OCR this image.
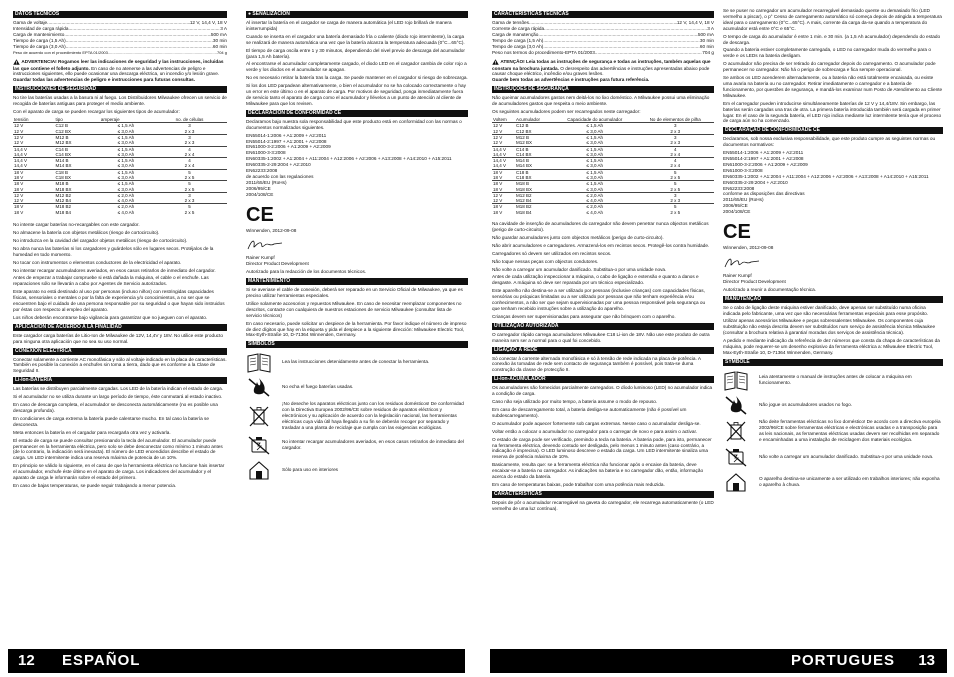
DATOS TÉCNICOS
Gama de voltaje .....	12 V, 14,4 V, 18 V
Intensidad de carga rápida .....	3 A
Carga de mantenimiento .....	500 mA
Tiempo de carga (1,5 Ah) .....	30 min
Tiempo de carga (3,0 Ah) .....	60 min
Peso de acuerdo con el procedimiento EPTA 01/2003 .....	704 g
ADVERTENCIA! Rogamos leer las indicaciones de seguridad y las instrucciones, incluidas las que contiene el folleto adjunto. En caso de no atenerse a las advertencias de peligro e instrucciones siguientes, ello puede ocasionar una descarga eléctrica, un incendio y/o lesión grave.
Guardar todas las advertencias de peligro e instrucciones para futuras consultas.
INSTRUCCIONES DE SEGURIDAD
No tire las baterías usadas a la basura ni al fuego. Los Distribuidores Milwaukee ofrecen un servicio de recogida de baterías antiguas para proteger el medio ambiente.
Con el aparato de carga se pueden recargar los siguientes tipos de acumulador:
tensión	tipo	amperaje	no. de células
12 V	C12 B	≤ 1,5 Ah	3
12 V	C12 BX	≤ 3,0 Ah	2 x 3
12 V	M12 B	≤ 1,5 Ah	3
12 V	M12 BX	≤ 3,0 Ah	2 x 3
14,4 V	C14 B	≤ 1,5 Ah	4
14,4 V	C14 BX	≤ 3,0 Ah	2 x 4
14,4 V	M14 B	≤ 1,5 Ah	4
14,4 V	M14 BX	≤ 3,0 Ah	2 x 4
18 V	C18 B	≤ 1,5 Ah	5
18 V	C18 BX	≤ 3,0 Ah	2 x 5
18 V	M18 B	≤ 1,5 Ah	5
18 V	M18 BX	≤ 3,0 Ah	2 x 5
12 V	M12 B2	≤ 2,0 Ah	3
12 V	M12 B4	≤ 4,0 Ah	2 x 3
18 V	M18 B2	≤ 2,0 Ah	5
18 V	M18 B4	≤ 4,0 Ah	2 x 5
No intente cargar baterías no-recargables con este cargador.
No almacene la batería con objetos metálicos (riesgo de cortocircuito).
No introduzca en la cavidad del cargador objetos metálicos (riesgo de cortocircuito).
No abra nunca las baterías ni los cargadores y guárdelos sólo en lugares secos. Protéjalos de la humedad en todo momento.
No tocar con instrumentos o elementos conductores de la electricidad el aparato.
No intentar recargar acumuladores averiados, en esos casos retirarlos de inmediato del cargador.
Antes de empezar a trabajar compruebe si está dañada la máquina, el cable o el enchufe. Las reparaciones sólo se llevarán a cabo por Agentes de Servicio autorizados.
Este aparato no está destinado al uso por personas (incluso niños) con restringidas capacidades físicas, sensoriales o mentales o por la falta de experiencia y/o conocimientos, a no ser que se encuentren bajo el cuidado de una persona responsable por su seguridad o que hayan sido instruidos por éstas con respecto al empleo del aparato.
Los niños deberán encontrarse bajo vigilancia para garantizar que no jueguen con el aparato.
APLICACIÓN DE ACUERDO A LA FINALIDAD
Este cargador carga baterías de Litio-Ion de Milwaukee de 12V, 14,4V y 18V. No utilice este producto para ninguna otra aplicación que no sea su uso normal.
CONEXIÓN ELÉCTRICA
Conectar solamente a corriente AC monofásica y sólo al voltaje indicado en la placa de características. También es posible la conexión a enchufes sin toma a tierra, dado que es conforme a la Clase de Seguridad II.
Li-Ion-BATERÍA
Las baterías se distribuyen parcialmente cargadas. Los LED de la batería indican el estado de carga.
Si el acumulador no se utiliza durante un largo período de tiempo, éste conmutará al estado inactivo.
En caso de descarga completa, el acumulador se desconecta automáticamente (no es posible una descarga profunda).
En condiciones de carga extrema la batería puede calentarse mucho. En tal caso la batería se desconecta.
Meta entonces la batería en el cargador para recargarla otra vez y activarla.
El estado de carga se puede consultar presionando la tecla del acumulador. El acumulador puede permanecer en la herramienta eléctrica, pero solo se debe desconectar como mínimo 1 minuto antes (de lo contrario, la indicación será inexacta). El número de LED encendidos describe el estado de carga. Un LED intermitente indica una reserva máxima de potencia de un 10%.
En principio se válido lo siguiente, en el caso de que la herramienta eléctrica no funcione hais insertar el acumulador, enchufe éste último en el aparato de carga. Los indicadores del acumulador y el aparato de carga le informarán sobre el estado del primero.
En caso de bajas temperaturas, se puede seguir trabajando a menor potencia.
● SEÑALIZACIÓN
Al insertar la batería en el cargador se carga de manera automática (el LED rojo brillará de manera ininterrumpida)
Cuando se inserta en el cargador una batería demasiado fría o caliente (diodo rojo intermitente), la carga se realizará de manera automática una vez que la batería alcanza la temperatura adecuada (0°C...65°C).
El tiempo de carga oscila entre 1 y 30 minutos, dependiendo del nivel previo de descarga del acumulador (para 1,5 Ah batería).
Al encontrarse el acumulador completamente cargado, el diodo LED en el cargador cambia de color rojo a verde y los diodos en el acumulador se apagan.
No es necesario retirar la batería tras la carga. Se puede mantener en el cargador si riesgo de sobrecarga.
Si los dos LED parpadean alternativamente, o bien el acumulador no se ha colocado correctamente o hay un error en este último o en el aparato de carga. Por motivos de seguridad, ponga inmediatamente fuera de servicio tanto el aparato de carga como el acumulador y llévelos a un punto de atención al cliente de Milwaukee para que los revisen.
DECLARACION DE CONFORMIDAD CE
Declaramos bajo nuestra sola responsabilidad que este producto está en conformidad con las normas o documentos normalizados siguientes.
EN55014-1:2006 + A1:2009 + A2:2011
EN55014-2:1997 + A1:2001 + A2:2008
EN61000-3-2:2006 + A1:2009 + A2:2009
EN61000-3-3:2008
EN60335-1:2002 + A1:2004 + A11:2004 + A12:2006 + A2:2006 + A13:2008 + A14:2010 + A15:2011
EN60335-2-29:2004 + A2:2010
EN62233:2008
de acuerdo con las regulaciones
2011/65/EU (RoHs)
2006/95/CE
2004/108/CE
CE
Winnenden, 2012-09-08
Rainer Kumpf
Director Product Development
Autorizado para la redacción de los documentos técnicos.
MANTENIMIENTO
Si se averiase el cable de conexión, deberá ser reparado en un Servicio Oficial de Milwaukee, ya que es preciso utilizar herramientas especiales.
Utilice solamente accesorios y repuestos Milwaukee. En caso de necesitar reemplazar componentes no descritos, contacte con cualquiera de nuestros estaciones de servicio Milwaukee (consultar lista de servicio técnicos)
En caso necesario, puede solicitar un despiece de la herramienta. Por favor indique el número de impreso de diez dígitos que hay en la etiqueta y pida el despiece a la siguiente dirección: Milwaukee Electric Tool, Max-Eyth-Straße 10, D-71364 Winnenden, Germany.
SÍMBOLOS
Lea las instrucciones detenidamente antes de conectar la herramienta.
No echa el fuego baterías usadas.
¡No deseche los aparatos eléctricos junto con los residuos domésticos! De conformidad con la Directiva Europea 2002/96/CE sobre residuos de aparatos eléctricos y electrónicos y su aplicación de acuerdo con la legislación nacional, las herramientas eléctricas cuya vida útil haya llegado a su fin se deberán recoger por separado y trasladar a una planta de reciclaje que cumpla con las exigencias ecológicas.
No intentar recargar acumuladores averiados, en esos casos retirarlos de inmediato del cargador.
Sólo para uso en interiores
12 ESPAÑOL
CARACTERÍSTICAS TÉCNICAS
Gama de tensões .....	12 V, 14,4 V, 18 V
Corrente de carga rápida .....	3 A
Carga de manutenção .....	500 mA
Tempo de carga (1,5 Ah) .....	30 min
Tempo de carga (3,0 Ah) .....	60 min
Peso nos termos do procedimento-EPTA 01/2003 .....	704 g
ATENÇÃO! Leia todas as instruções de segurança e todas as instruções, também aquelas que constam na brochura juntada. O desrespeito das advertências e instruções apresentadas abaixo pode causar choque eléctrico, incêndio e/ou graves lesões.
Guarde bem todas as advertências e instruções para futura referência.
INSTRUÇÕES DE SEGURANÇA
Não queimar acumuladores gastos nem deitá-los no lixo doméstico. A Milwaukee possui uma eliminação de acumuladores gastos que respeita o meio ambiente.
Os seguintes acumuladores podem ser recarregados neste carregador:
Voltem	Acumulador	Capacidade do acumulador	No de elementos de pilha
12 V	C12 B	≤ 1,5 Ah	3
12 V	C12 BX	≤ 3,0 Ah	2 x 3
12 V	M12 B	≤ 1,5 Ah	3
12 V	M12 BX	≤ 3,0 Ah	2 x 3
14,4 V	C14 B	≤ 1,5 Ah	4
14,4 V	C14 BX	≤ 3,0 Ah	2 x 4
14,4 V	M14 B	≤ 1,5 Ah	4
14,4 V	M14 BX	≤ 3,0 Ah	2 x 4
18 V	C18 B	≤ 1,5 Ah	5
18 V	C18 BX	≤ 3,0 Ah	2 x 5
18 V	M18 B	≤ 1,5 Ah	5
18 V	M18 BX	≤ 3,0 Ah	2 x 5
12 V	M12 B2	≤ 2,0 Ah	3
12 V	M12 B4	≤ 4,0 Ah	2 x 3
18 V	M18 B2	≤ 2,0 Ah	5
18 V	M18 B4	≤ 4,0 Ah	2 x 5
Na cavidade de inserção de acumuladores do carregador não devem penetrar nunca objectos metálicos (perigo de curto-circuito).
Não guardar acumuladores junto com objectos metálicos (perigo de curto-circuito).
Não abrir acumuladores e carregadores. Armazená-los em recintos secos. Protegê-los contra humidade.
Carregadores só devem ser utilizados em recintos secos.
Não toque nessas peças com objectos condutores.
Não volte a carregar um acumulador danificado. Substitua-o por uma unidade nova.
Antes de cada utilização inspeccionar a máquina, o cabo de ligação e extensão e quanto a danos e desgaste. A máquina só deve ser reparada por um técnico especializado.
Este aparelho não destina-se a ser utilizado por pessoas (inclusive crianças) com capacidades físicas, sensórias ou psíquicas limitadas ou a ser utilizado por pessoas que não tenham experiência e/ou conhecimentos, a não ser que sejam supervisionadas por uma pessoa responsável pela segurança ou que tenham recebido instruções sobre a utilização do aparelho.
Crianças devem ser supervisionadas para assegurar que não brinquem com o aparelho.
UTILIZAÇÃO AUTORIZADA
O carregador rápido carrega acumuladores Milwaukee C18 Li-ion de 18V. Não use este produto de outra maneira sem ser a normal para o qual foi concebido.
LIGAÇÃO À REDE
Só conectar à corrente alternada monofásica e só à tensão de rede indicada na placa de potência. A conexão às tomadas de rede sem contacto de segurança também é possível, pois trata-se duma construção da classe de protecção II.
Li-Ion-ACUMULADOR
Os acumuladores são fornecidos parcialmente carregados. O díodo luminoso (LED) no acumulador indica a condição de carga.
Caso não seja utilizado por muito tempo, a bateria assume o modo de repouso.
Em caso de descarregamento total, a bateria desliga-se automaticamente (não é possível um subdescarregamento).
O acumulador pode aquecer fortemente sob cargas extremas. Nesse caso o acumulador desliga-se.
Voltar então a colocar o acumulador no carregador para o carregar de novo e para assim o activar.
O estado de carga pode ser verificado, premindo a tecla na bateria. A bateria pode, para isto, permanecer na ferramenta eléctrica, devendo contudo ser desligada, pelo menos 1 minuto antes (caso contrário, a indicação é imprecisa). O LED luminoso descreve o estado da carga. Um LED intermitente sinaliza uma reserva de potência máxima de 10%.
Basicamente, resulta que: se a ferramenta eléctrica não funcionar após o encaixe da bateria, deve encaixar-se a bateria no carregador. As indicações na bateria e no carregador dão, então, informação acerca do estado da bateria.
Em caso de temperaturas baixas, pode trabalhar com uma potência mais reduzida.
CARACTERÍSTICAS
Depois de pôr o acumulador recarregável na gaveta do carregador, ele recarrega automaticamente (o LED vermelho de uma luz contínua).
Se se puser no carregador um acumulador recarregável demasiado quente ou demasiado frio (LED vermelho a piscar), o p° Cesso de carregamento automático só começa depois de atingida a temperatura ideal para o carregamento (0°C...65°C). A mais, corrente da carga da-se quando a temperatura do acumulador está entre 0°C e 65°C.
O tempo de carga do acumulador é entre 1 min. e 30 min. (a 1,5 Ah acumulador) dependendo do estado de descarga.
Quando a bateria estiver completamente carregada, o LED no carregador muda do vermelho para o verde e os LEDs na bateria desligam.
O acumulador não precisa de ser retirado do carregador depois do carregamento. O acumulador pode permanecer no carregador. Não há o perigo de sobrecarga e fica sempre operacional.
Se ambos os LED acenderem alternadamente, ou a bateria não está totalmente encaixada, ou existe uma avaria na bateria ou no carregador. Retirar imediatamente o carregador e a bateria de funcionamento, por questões de segurança, e mandá-los examinar num Posto de Atendimento ao Cliente Milwaukee.
Em el carregador pueden introducirse simultáneamente baterías de 12 V y 14,4/18V. Sin embargo, las baterías serán cargadas una tras de otra. La primera batería introducida también será cargada en primer lugar. En el caso de la segunda batería, el LED rojo indica mediante luz intermitente tenía que el proceso de carga aún no ha comenzado.
DECLARAÇÃO DE CONFORMIDADE CE
Declaramos, sob nossa exclusiva responsabilidade, que este produto cumpre as seguintes normas ou documentos normativos:
EN55014-1:2006 + A1:2009 + A2:2011
EN55014-2:1997 + A1:2001 + A2:2008
EN61000-3-2:2006 + A1:2009 + A2:2009
EN61000-3-3:2008
EN60335-1:2002 + A1:2004 + A11:2004 + A12:2006 + A2:2006 + A13:2008 + A14:2010 + A15:2011
EN60335-2-29:2004 + A2:2010
EN62233:2008
conforme as disposições das directivas
2011/65/EU (RoHs)
2006/95/CE
2004/108/CE
CE
Winnenden, 2012-09-08
Rainer Kumpf
Director Product Development
Autorizado a reunir a documentação técnica.
MANUTENÇÃO
Se o cabo de ligação deste máquina estiver danificado, deve apenas ser substituído numa oficina indicada pelo fabricante, uma vez que são necessárias ferramentas especiais para esse propósito.
Utilizar apenas acessórios Milwaukee e peças sobressalentes Milwaukee. Os componentes cuja substituição não esteja descrita devem ser substituídos num serviço de assistência técnica Milwaukee (consultar a brochura relativa à garantia/ moradas dos serviços de assistência técnica).
A pedido e mediante indicação da referência de dez números que consta da chapa de características da máquina, pode requerer-se um desenho explosivo da ferramenta eléctrica a: Milwaukee Electric Tool, Max-Eyth-Straße 10, D-71364 Winnenden, Germany.
SYMBOLE
Leia atentamente o manual de instruções antes de colocar a máquina em funcionamento.
Não jogue os acumuladores usados no fogo.
Não deite ferramentas eléctricas no lixo doméstico! De acordo com a directiva européia 2002/96/CE sobre ferramentas eléctricas e electrónicas usadas e a transposição para as leis nacionais, as ferramentas eléctricas usadas devem ser recolhidas em separado e encaminhadas a uma instalação de reciclagem dos materiais ecológica.
Não volte a carregar um acumulador danificado. Substitua-o por uma unidade nova.
O aparelho destina-se unicamente a ser utilizado em trabalhos interiores; não exponha o aparelho à chuva.
PORTUGUES 13
